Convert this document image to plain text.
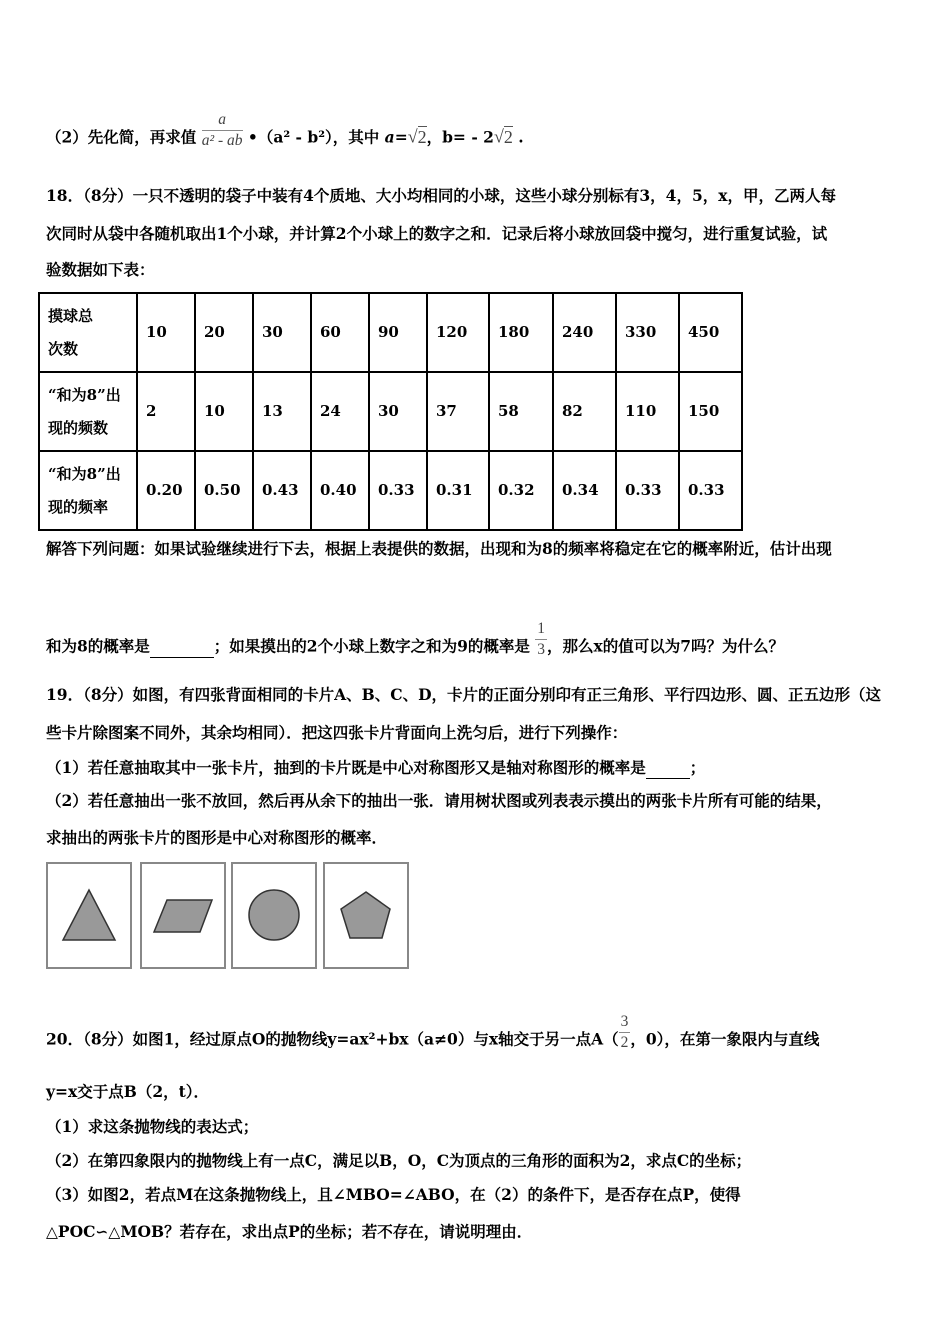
（2）先化简，再求值 $\frac{a}{\text{a² - ab}}$ •（a² - b²），其中 a=√2，b= - 2√2 .
18．（8分）一只不透明的袋子中装有4个质地、大小均相同的小球，这些小球分别标有3，4，5，x，甲，乙两人每
次同时从袋中各随机取出1个小球，并计算2个小球上的数字之和．记录后将小球放回袋中搅匀，进行重复试验，试
验数据如下表：
摸球总
次数	10	20	30	60	90	120	180	240	330	450

“和为8”出
现的频数	2	10	13	24	30	37	58	82	110	150

“和为8”出
现的频率	0.20	0.50	0.43	0.40	0.33	0.31	0.32	0.34	0.33	0.33
解答下列问题：如果试验继续进行下去，根据上表提供的数据，出现和为8的频率将稳定在它的概率附近，估计出现
和为8的概率是	；如果摸出的2个小球上数字之和为9的概率是 $\frac{1}{3}$ ，那么x的值可以为7吗？为什么？
19．（8分）如图，有四张背面相同的卡片A、B、C、D，卡片的正面分别印有正三角形、平行四边形、圆、正五边形（这
些卡片除图案不同外，其余均相同）．把这四张卡片背面向上洗匀后，进行下列操作：
（1）若任意抽取其中一张卡片，抽到的卡片既是中心对称图形又是轴对称图形的概率是	；
（2）若任意抽出一张不放回，然后再从余下的抽出一张．请用树状图或列表表示摸出的两张卡片所有可能的结果，
求抽出的两张卡片的图形是中心对称图形的概率．
20．（8分）如图1，经过原点O的抛物线y=ax²+bx（a≠0）与x轴交于另一点$A( \frac{3}{2}$ ，0），在第一象限内与直线
y=x交于点B（2，t）．
（1）求这条抛物线的表达式；
（2）在第四象限内的抛物线上有一点C，满足以B，O，C为顶点的三角形的面积为2，求点C的坐标；
（3）如图2，若点M在这条抛物线上，且∠MBO=∠ABO，在（2）的条件下，是否存在点P，使得
△POC∽△MOB？若存在，求出点P的坐标；若不存在，请说明理由．
